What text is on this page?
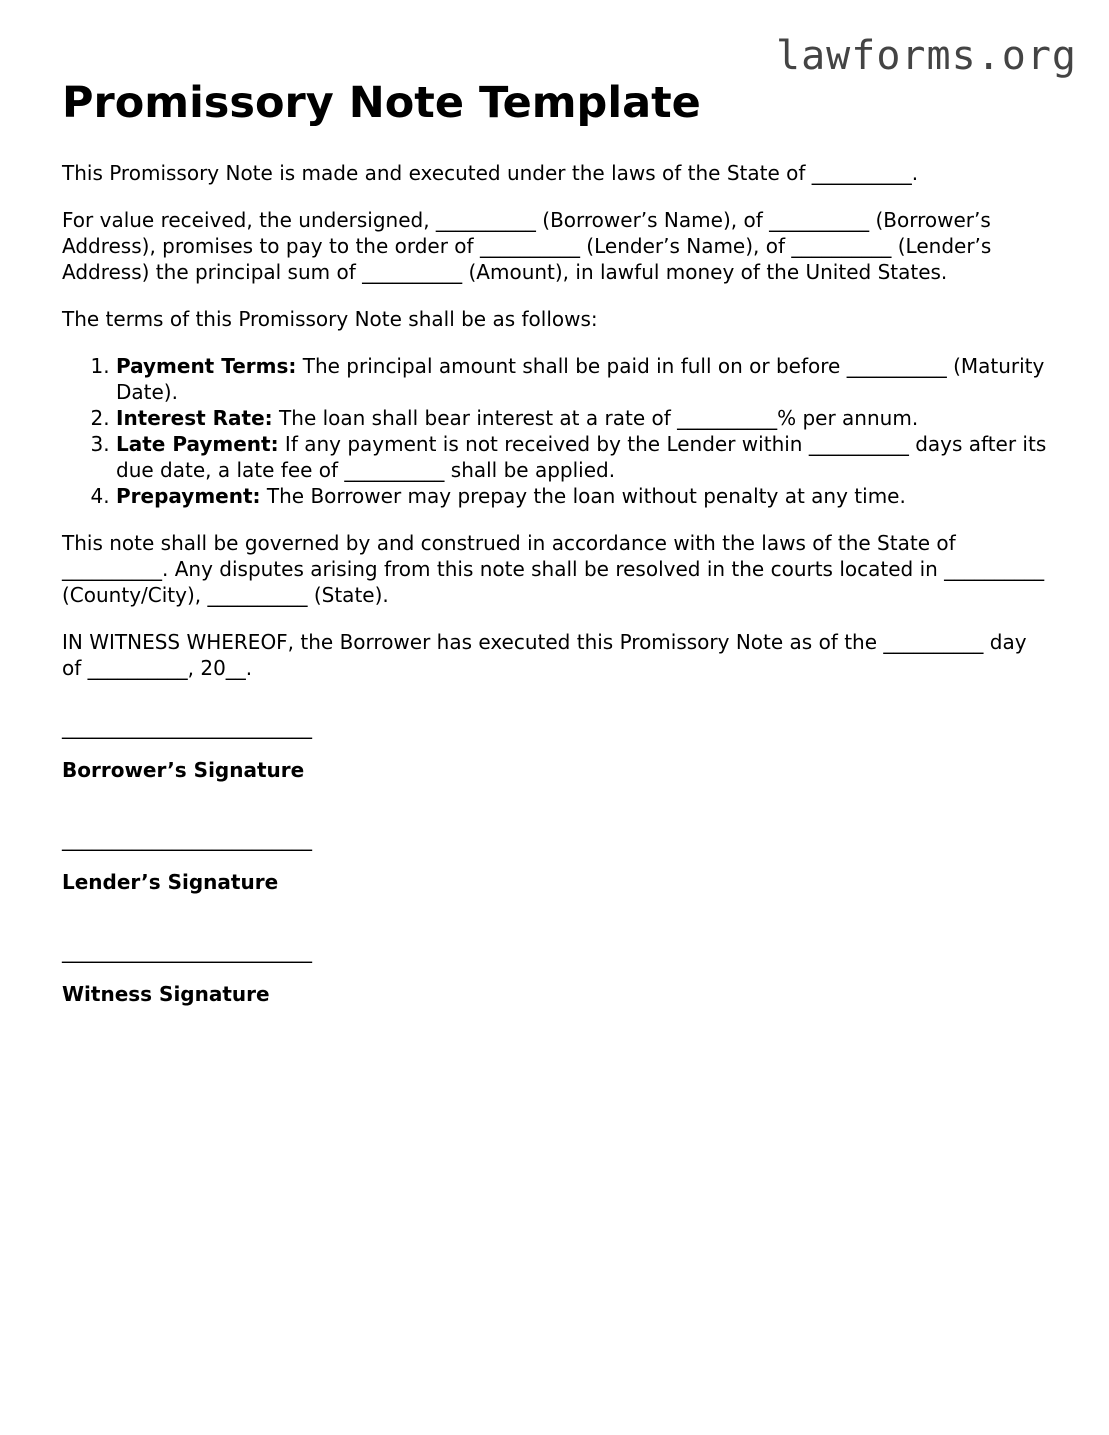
lawforms.org
Promissory Note Template

This Promissory Note is made and executed under the laws of the State of __________.

For value received, the undersigned, __________ (Borrower’s Name), of __________ (Borrower’s Address), promises to pay to the order of __________ (Lender’s Name), of __________ (Lender’s Address) the principal sum of __________ (Amount), in lawful money of the United States.

The terms of this Promissory Note shall be as follows:

1. Payment Terms: The principal amount shall be paid in full on or before __________ (Maturity Date).
2. Interest Rate: The loan shall bear interest at a rate of __________% per annum.
3. Late Payment: If any payment is not received by the Lender within __________ days after its due date, a late fee of __________ shall be applied.
4. Prepayment: The Borrower may prepay the loan without penalty at any time.

This note shall be governed by and construed in accordance with the laws of the State of __________. Any disputes arising from this note shall be resolved in the courts located in __________ (County/City), __________ (State).

IN WITNESS WHEREOF, the Borrower has executed this Promissory Note as of the __________ day of __________, 20__.

_________________________
Borrower’s Signature
_________________________
Lender’s Signature
_________________________
Witness Signature
